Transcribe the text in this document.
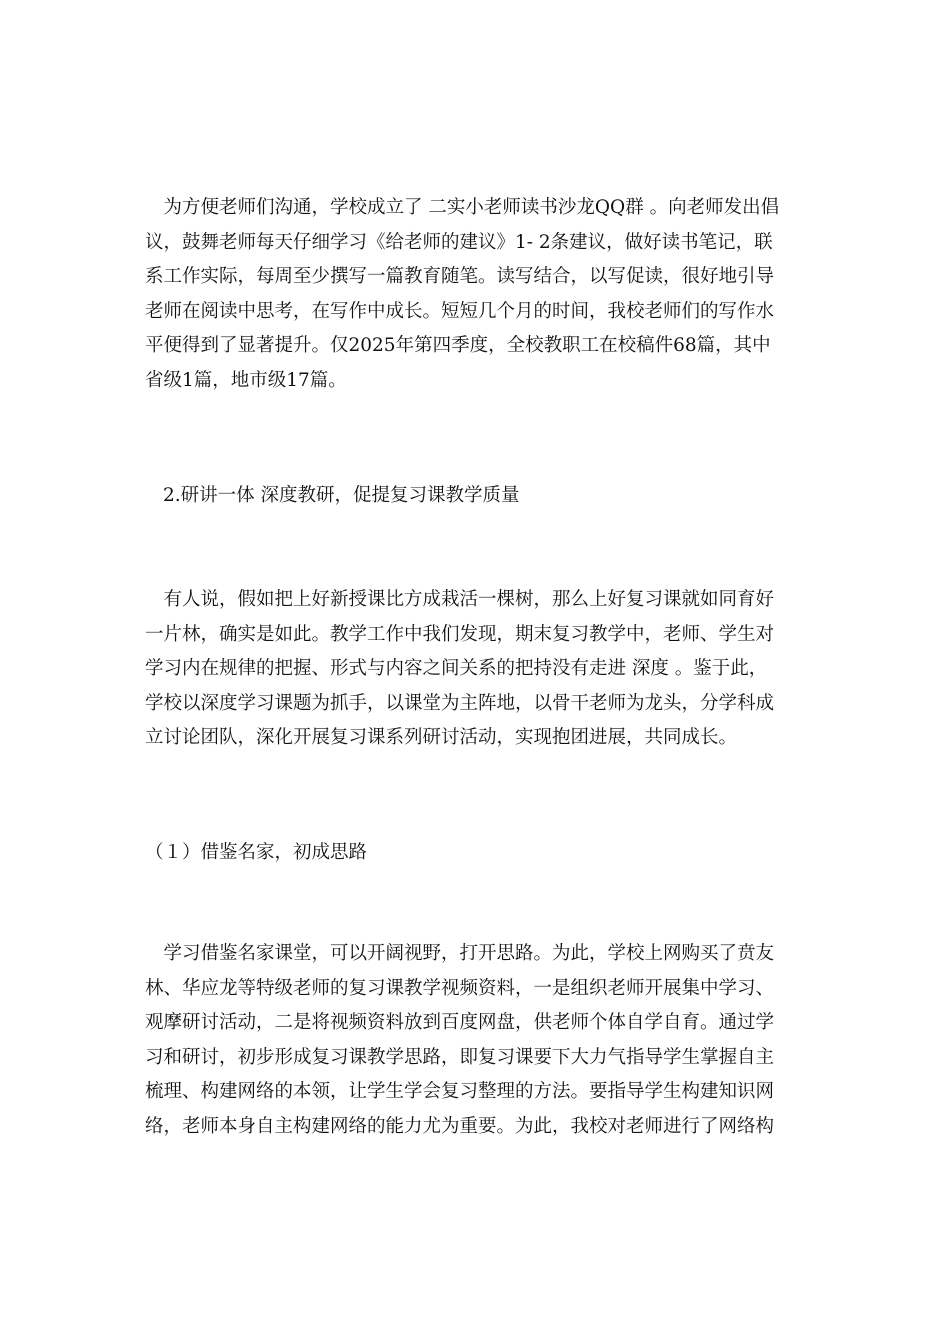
　为方便老师们沟通，学校成立了 二实小老师读书沙龙QQ群 。向老师发出倡
议，鼓舞老师每天仔细学习《给老师的建议》1- 2条建议，做好读书笔记，联
系工作实际，每周至少撰写一篇教育随笔。读写结合，以写促读，很好地引导
老师在阅读中思考，在写作中成长。短短几个月的时间，我校老师们的写作水
平便得到了显著提升。仅2025年第四季度，全校教职工在校稿件68篇，其中
省级1篇，地市级17篇。
2.研讲一体 深度教研，促提复习课教学质量
　有人说，假如把上好新授课比方成栽活一棵树，那么上好复习课就如同育好
一片林，确实是如此。教学工作中我们发现，期末复习教学中，老师、学生对
学习内在规律的把握、形式与内容之间关系的把持没有走进 深度 。鉴于此，
学校以深度学习课题为抓手，以课堂为主阵地，以骨干老师为龙头，分学科成
立讨论团队，深化开展复习课系列研讨活动，实现抱团进展，共同成长。
（１）借鉴名家，初成思路
　学习借鉴名家课堂，可以开阔视野，打开思路。为此，学校上网购买了贲友
林、华应龙等特级老师的复习课教学视频资料，一是组织老师开展集中学习、
观摩研讨活动，二是将视频资料放到百度网盘，供老师个体自学自育。通过学
习和研讨，初步形成复习课教学思路，即复习课要下大力气指导学生掌握自主
梳理、构建网络的本领，让学生学会复习整理的方法。要指导学生构建知识网
络，老师本身自主构建网络的能力尤为重要。为此，我校对老师进行了网络构
